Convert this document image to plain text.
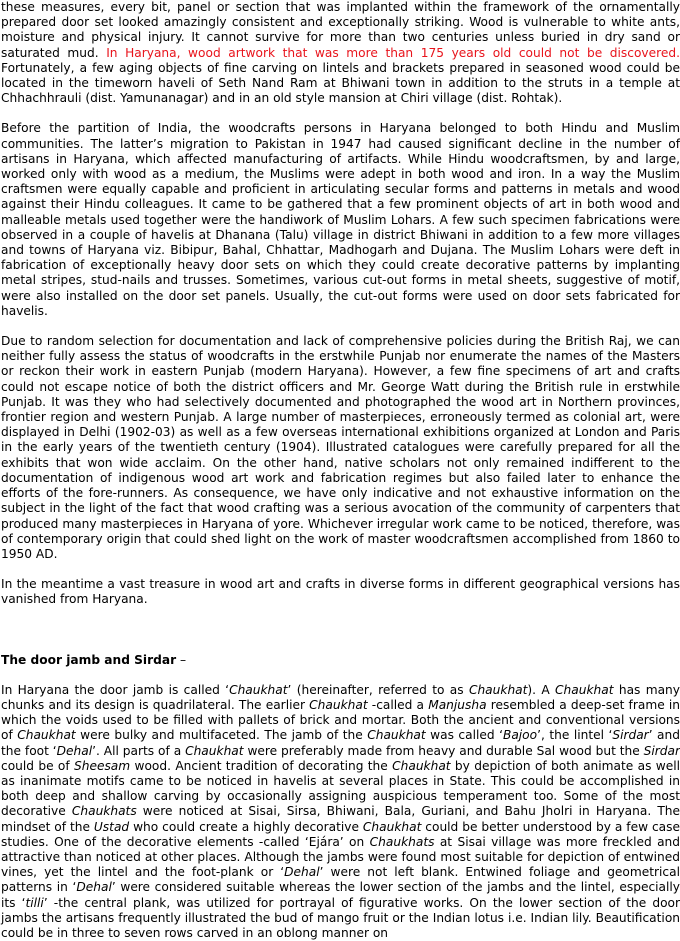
these measures, every bit, panel or section that was implanted within the framework of the ornamentally prepared door set looked amazingly consistent and exceptionally striking. Wood is vulnerable to white ants, moisture and physical injury. It cannot survive for more than two centuries unless buried in dry sand or saturated mud. In Haryana, wood artwork that was more than 175 years old could not be discovered. Fortunately, a few aging objects of fine carving on lintels and brackets prepared in seasoned wood could be located in the timeworn haveli of Seth Nand Ram at Bhiwani town in addition to the struts in a temple at Chhachhrauli (dist. Yamunanagar) and in an old style mansion at Chiri village (dist. Rohtak).

Before the partition of India, the woodcrafts persons in Haryana belonged to both Hindu and Muslim communities. The latter’s migration to Pakistan in 1947 had caused significant decline in the number of artisans in Haryana, which affected manufacturing of artifacts. While Hindu woodcraftsmen, by and large, worked only with wood as a medium, the Muslims were adept in both wood and iron. In a way the Muslim craftsmen were equally capable and proficient in articulating secular forms and patterns in metals and wood against their Hindu colleagues. It came to be gathered that a few prominent objects of art in both wood and malleable metals used together were the handiwork of Muslim Lohars. A few such specimen fabrications were observed in a couple of havelis at Dhanana (Talu) village in district Bhiwani in addition to a few more villages and towns of Haryana viz. Bibipur, Bahal, Chhattar, Madhogarh and Dujana. The Muslim Lohars were deft in fabrication of exceptionally heavy door sets on which they could create decorative patterns by implanting metal stripes, stud-nails and trusses. Sometimes, various cut-out forms in metal sheets, suggestive of motif, were also installed on the door set panels. Usually, the cut-out forms were used on door sets fabricated for havelis.

Due to random selection for documentation and lack of comprehensive policies during the British Raj, we can neither fully assess the status of woodcrafts in the erstwhile Punjab nor enumerate the names of the Masters or reckon their work in eastern Punjab (modern Haryana). However, a few fine specimens of art and crafts could not escape notice of both the district officers and Mr. George Watt during the British rule in erstwhile Punjab. It was they who had selectively documented and photographed the wood art in Northern provinces, frontier region and western Punjab. A large number of masterpieces, erroneously termed as colonial art, were displayed in Delhi (1902-03) as well as a few overseas international exhibitions organized at London and Paris in the early years of the twentieth century (1904). Illustrated catalogues were carefully prepared for all the exhibits that won wide acclaim. On the other hand, native scholars not only remained indifferent to the documentation of indigenous wood art work and fabrication regimes but also failed later to enhance the efforts of the fore-runners. As consequence, we have only indicative and not exhaustive information on the subject in the light of the fact that wood crafting was a serious avocation of the community of carpenters that produced many masterpieces in Haryana of yore. Whichever irregular work came to be noticed, therefore, was of contemporary origin that could shed light on the work of master woodcraftsmen accomplished from 1860 to 1950 AD.

In the meantime a vast treasure in wood art and crafts in diverse forms in different geographical versions has vanished from Haryana.

The door jamb and Sirdar –

In Haryana the door jamb is called ‘Chaukhat’ (hereinafter, referred to as Chaukhat). A Chaukhat has many chunks and its design is quadrilateral. The earlier Chaukhat -called a Manjusha resembled a deep-set frame in which the voids used to be filled with pallets of brick and mortar. Both the ancient and conventional versions of Chaukhat were bulky and multifaceted. The jamb of the Chaukhat was called ‘Bajoo’, the lintel ‘Sirdar’ and the foot ‘Dehal’. All parts of a Chaukhat were preferably made from heavy and durable Sal wood but the Sirdar could be of Sheesam wood. Ancient tradition of decorating the Chaukhat by depiction of both animate as well as inanimate motifs came to be noticed in havelis at several places in State. This could be accomplished in both deep and shallow carving by occasionally assigning auspicious temperament too. Some of the most decorative Chaukhats were noticed at Sisai, Sirsa, Bhiwani, Bala, Guriani, and Bahu Jholri in Haryana. The mindset of the Ustad who could create a highly decorative Chaukhat could be better understood by a few case studies. One of the decorative elements -called ‘Ejára’ on Chaukhats at Sisai village was more freckled and attractive than noticed at other places. Although the jambs were found most suitable for depiction of entwined vines, yet the lintel and the foot-plank or ‘Dehal’ were not left blank. Entwined foliage and geometrical patterns in ‘Dehal’ were considered suitable whereas the lower section of the jambs and the lintel, especially its ‘tilli’ -the central plank, was utilized for portrayal of figurative works. On the lower section of the door jambs the artisans frequently illustrated the bud of mango fruit or the Indian lotus i.e. Indian lily. Beautification could be in three to seven rows carved in an oblong manner on
